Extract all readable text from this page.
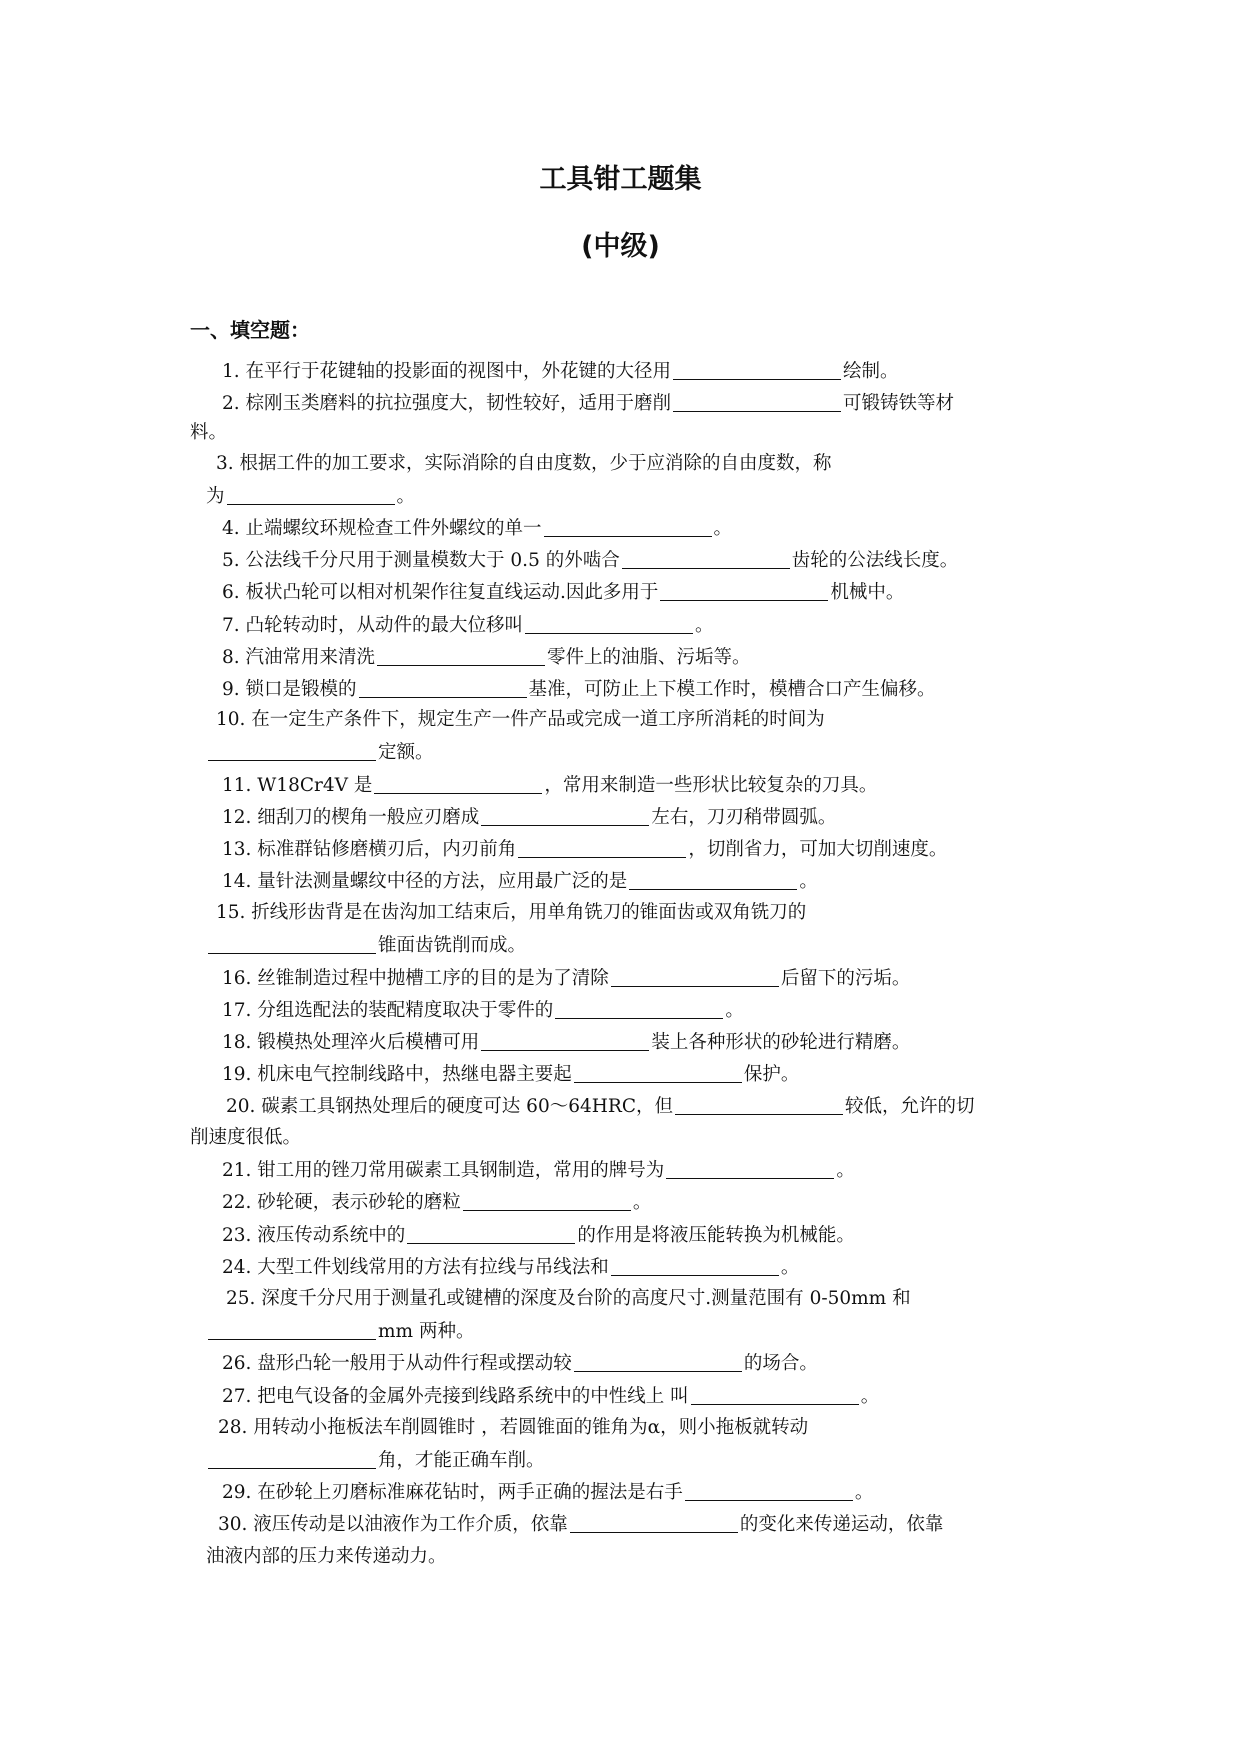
工具钳工题集
(中级)
一、填空题：
1. 在平行于花键轴的投影面的视图中，外花键的大径用	绘制。
2. 棕刚玉类磨料的抗拉强度大，韧性较好，适用于磨削	可锻铸铁等材
料。
3. 根据工件的加工要求，实际消除的自由度数，少于应消除的自由度数，称
为	。
4. 止端螺纹环规检查工件外螺纹的单一	。
5. 公法线千分尺用于测量模数大于 0.5 的外啮合	齿轮的公法线长度。
6. 板状凸轮可以相对机架作往复直线运动.因此多用于	机械中。
7. 凸轮转动时，从动件的最大位移叫	。
8. 汽油常用来清洗	零件上的油脂、污垢等。
9. 锁口是锻模的	基准，可防止上下模工作时，模槽合口产生偏移。
10. 在一定生产条件下，规定生产一件产品或完成一道工序所消耗的时间为
定额。
11. W18Cr4V 是	，常用来制造一些形状比较复杂的刀具。
12. 细刮刀的楔角一般应刃磨成	左右，刀刃稍带圆弧。
13. 标准群钻修磨横刃后，内刃前角	，切削省力，可加大切削速度。
14. 量针法测量螺纹中径的方法，应用最广泛的是	。
15. 折线形齿背是在齿沟加工结束后，用单角铣刀的锥面齿或双角铣刀的
锥面齿铣削而成。
16. 丝锥制造过程中抛槽工序的目的是为了清除	后留下的污垢。
17. 分组选配法的装配精度取决于零件的	。
18. 锻模热处理淬火后模槽可用	装上各种形状的砂轮进行精磨。
19. 机床电气控制线路中，热继电器主要起	保护。
20. 碳素工具钢热处理后的硬度可达 60～64HRC，但	较低，允许的切
削速度很低。
21. 钳工用的锉刀常用碳素工具钢制造，常用的牌号为	。
22. 砂轮硬，表示砂轮的磨粒	。
23. 液压传动系统中的	的作用是将液压能转换为机械能。
24. 大型工件划线常用的方法有拉线与吊线法和	。
25. 深度千分尺用于测量孔或键槽的深度及台阶的高度尺寸.测量范围有 0-50mm 和
mm 两种。
26. 盘形凸轮一般用于从动件行程或摆动较	的场合。
27. 把电气设备的金属外壳接到线路系统中的中性线上 叫	。
28. 用转动小拖板法车削圆锥时 ，若圆锥面的锥角为α，则小拖板就转动
角，才能正确车削。
29. 在砂轮上刃磨标准麻花钻时，两手正确的握法是右手	。
30. 液压传动是以油液作为工作介质，依靠	的变化来传递运动，依靠
油液内部的压力来传递动力。
